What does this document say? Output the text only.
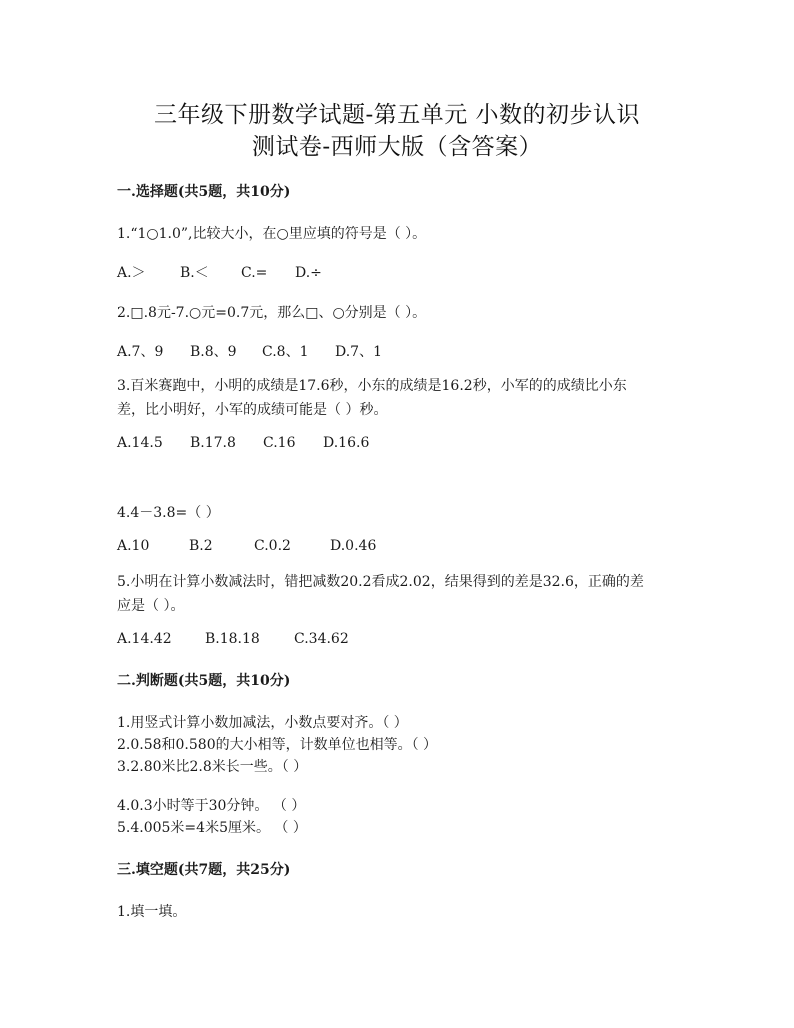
三年级下册数学试题-第五单元 小数的初步认识
测试卷-西师大版（含答案）
一.选择题(共5题，共10分)
1.“1○1.0”,比较大小，在○里应填的符号是（ ）。
A.＞ B.＜ C.= D.÷
2.□.8元-7.○元=0.7元，那么□、○分别是（ ）。
A.7、9 B.8、9 C.8、1 D.7、1
3.百米赛跑中，小明的成绩是17.6秒，小东的成绩是16.2秒，小军的的成绩比小东
差，比小明好，小军的成绩可能是（ ）秒。
A.14.5 B.17.8 C.16 D.16.6
4.4－3.8=（ ）
A.10	B.2	C.0.2	D.0.46
5.小明在计算小数减法时，错把减数20.2看成2.02，结果得到的差是32.6，正确的差
应是（ ）。
A.14.42 B.18.18 C.34.62
二.判断题(共5题，共10分)
1.用竖式计算小数加减法，小数点要对齐。（ ）
2.0.58和0.580的大小相等，计数单位也相等。（ ）
3.2.80米比2.8米长一些。（ ）
4.0.3小时等于30分钟。 （ ）
5.4.005米=4米5厘米。 （ ）
三.填空题(共7题，共25分)
1.填一填。
